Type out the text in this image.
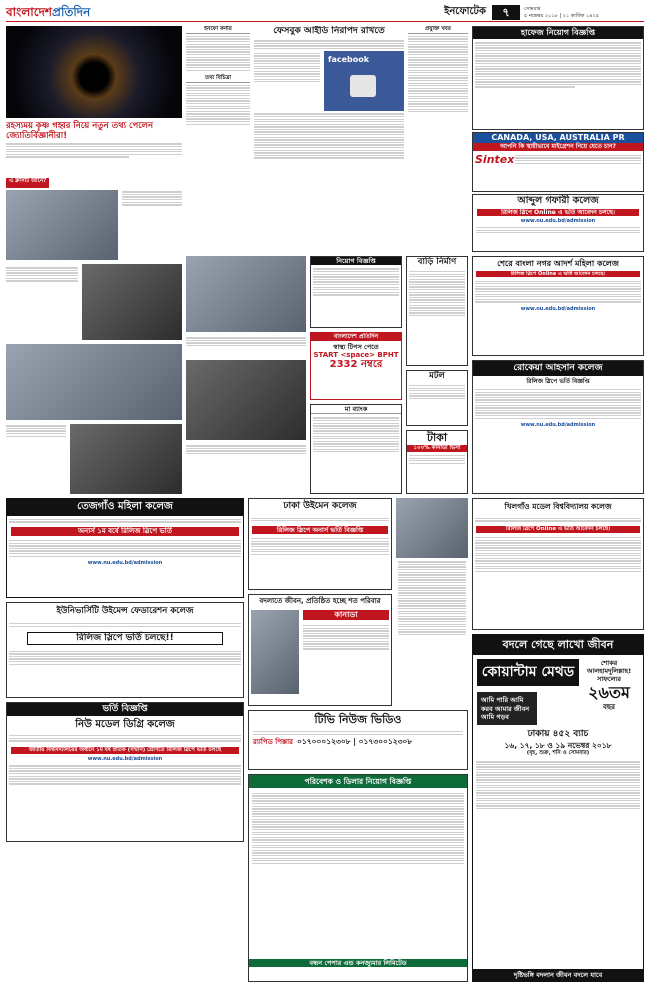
বাংলাদেশপ্রতিদিন	ইনফোটেক	৭	সোমবার
৫ নভেম্বর ২০১৮ | ২১ কার্তিক ১৪২৫
রহস্যময় কৃষ্ণ গহ্বর নিয়ে নতুন তথ্য পেলেন জ্যোতির্বিজ্ঞানীরা!
ইনফো কর্নার
তথ্য বিচিত্রা
ফেসবুক আইডি নিরাপদ রাখতে
facebook
প্রযুক্তি খবর	হাফেজ নিয়োগ বিজ্ঞপ্তি
CANADA, USA, AUSTRALIA PR
আপনি কি স্থায়ীভাবে মাইগ্রেশন নিয়ে যেতে চান?
Sintex
আব্দুল গফারী কলেজ
রিলিজ স্লিপে Online এ ভর্তি আবেদন চলছে।
www.nu.edu.bd/admission
এ ক্লাসটি জানে?
নিয়োগ বিজ্ঞপ্তি
বাংলাদেশ প্রতিদিন
স্বাস্থ্য টিপস পেতে
START <space> BPHT
2332 নম্বরে
মা ব্যাংক
বাড়ি নির্মাণ
মটল
টাকা
১০০% কানাডা ভিসা
শেরে বাংলা নগর আদর্শ মহিলা কলেজ
রিলিজ স্লিপে Online এ ভর্তি আবেদন চলছে।
www.nu.edu.bd/admission
রোকেয়া আহসান কলেজ
রিলিজ স্লিপে ভর্তি বিজ্ঞপ্তি
www.nu.edu.bd/admission
তেজগাঁও মহিলা কলেজ
অনার্স ১ম বর্ষে রিলিজ স্লিপে ভর্তি
www.nu.edu.bd/admission
ইউনিভার্সিটি উইমেন্স ফেডারেশন কলেজ
রিলিজ স্লিপে ভর্তি চলছে!!
ভর্তি বিজ্ঞপ্তি
নিউ মডেল ডিগ্রি কলেজ
জাতীয় বিশ্ববিদ্যালয়ের অধীনে ১ম বর্ষ স্নাতক (সম্মান) শ্রেণিতে রিলিজ স্লিপে ভর্তি চলছে
www.nu.edu.bd/admission
ঢাকা উইমেন কলেজ
রিলিজ স্লিপে অনার্স ভর্তি বিজ্ঞপ্তি
বদলাতে জীবন, প্রতিষ্ঠিত হচ্ছে শত পরিবার
কানাডা
টিভি নিউজ ভিডিও
র‍্যাপিড পিক্সার ০১৭০০০১২৩০৮ | ০১৭৩০০১২৩০৮
পরিবেশক ও ডিলার নিয়োগ বিজ্ঞপ্তি
বন্ধন পেপার এন্ড কনজ্যুমার লিমিটেড
খিলগাঁও মডেল বিশ্ববিদ্যালয় কলেজ
রিলিজ স্লিপে Online এ ভর্তি আবেদন চলছে।
বদলে গেছে লাখো জীবন
কোয়ান্টাম মেথড
আমি পারি আমি করব আমার জীবন আমি গড়ব
শোকর আলহামদুলিল্লাহ! সাফল্যের
২৬তম
বছর
ঢাকায় ৪৫২ ব্যাচ
১৬, ১৭, ১৮ ও ১৯ নভেম্বর ২০১৮
(বৃহ, শুক্র, শনি ও সোমবার)
দৃষ্টিভঙ্গি বদলান জীবন বদলে যাবে
